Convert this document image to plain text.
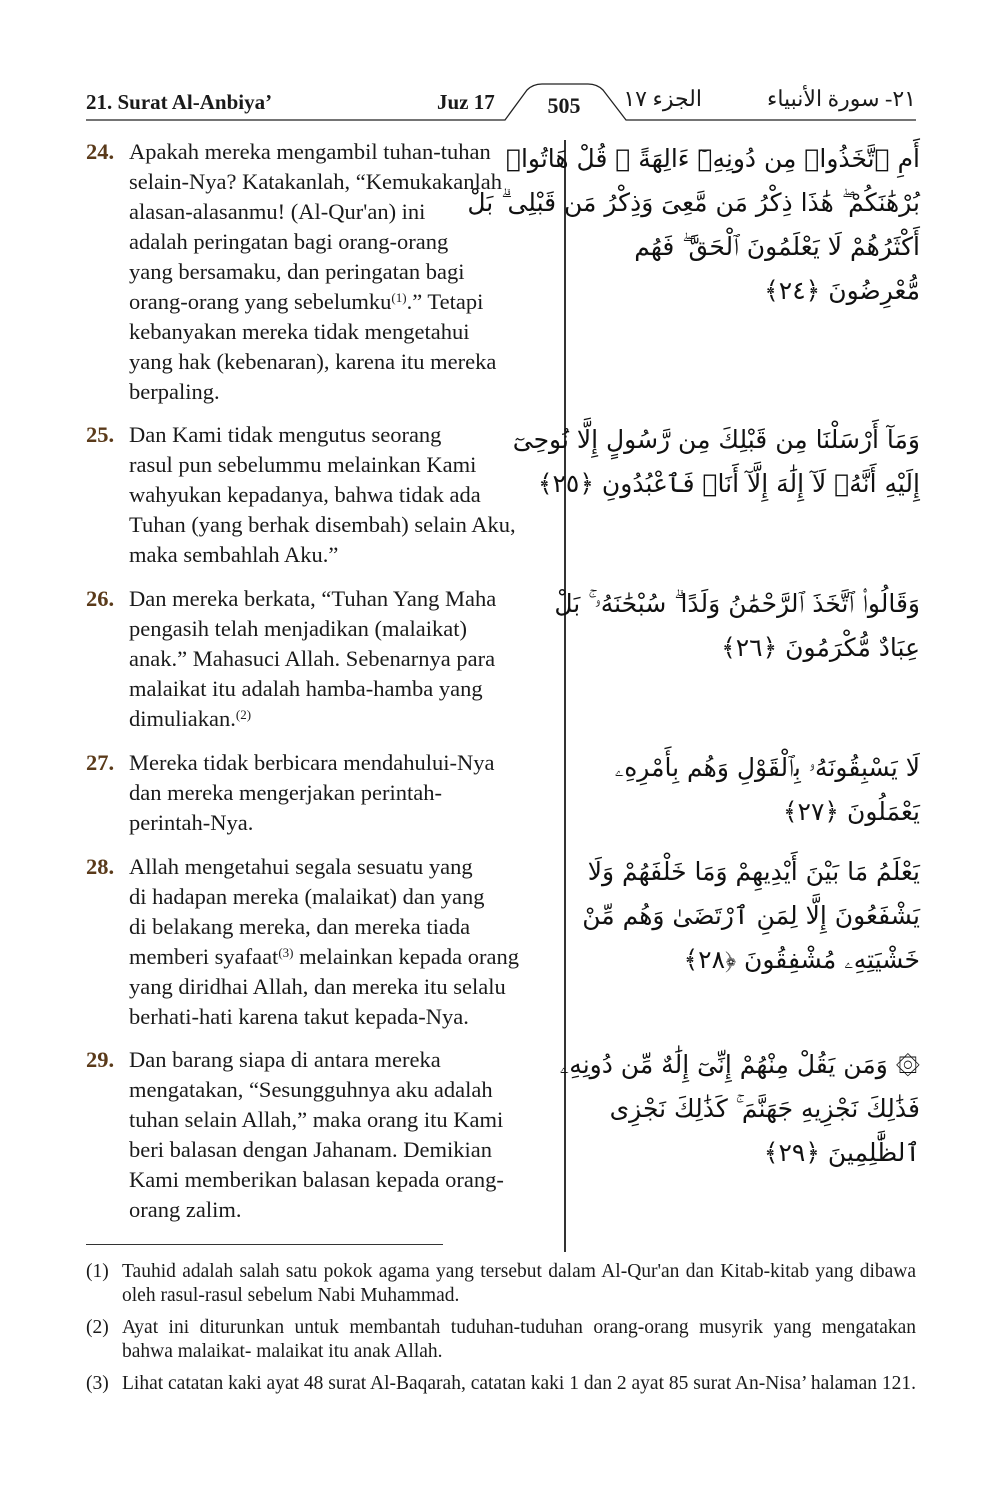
21. Surat Al-Anbiya’	Juz 17	505	الجزء ١٧	٢١- سورة الأنبياء
24. Apakah mereka mengambil tuhan-tuhan
selain-Nya? Katakanlah, “Kemukakanlah
alasan-alasanmu! (Al-Qur'an) ini
adalah peringatan bagi orang-orang
yang bersamaku, dan peringatan bagi
orang-orang yang sebelumku$^{(1)}$.” Tetapi
kebanyakan mereka tidak mengetahui
yang hak (kebenaran), karena itu mereka
berpaling.
أَمِ ٱتَّخَذُوا۟ مِن دُونِهِۦٓ ءَالِهَةً ۖ قُلْ هَاتُوا۟
بُرْهَٰنَكُمْ ۖ هَٰذَا ذِكْرُ مَن مَّعِىَ وَذِكْرُ مَن قَبْلِى ۗ بَلْ
أَكْثَرُهُمْ لَا يَعْلَمُونَ ٱلْحَقَّ ۖ فَهُم
مُّعْرِضُونَ ﴿٢٤﴾
25. Dan Kami tidak mengutus seorang
rasul pun sebelummu melainkan Kami
wahyukan kepadanya, bahwa tidak ada
Tuhan (yang berhak disembah) selain Aku,
maka sembahlah Aku.”
وَمَآ أَرْسَلْنَا مِن قَبْلِكَ مِن رَّسُولٍ إِلَّا نُوحِىٓ
إِلَيْهِ أَنَّهُۥ لَآ إِلَٰهَ إِلَّآ أَنَا۠ فَٱعْبُدُونِ ﴿٢٥﴾
26. Dan mereka berkata, “Tuhan Yang Maha
pengasih telah menjadikan (malaikat)
anak.” Mahasuci Allah. Sebenarnya para
malaikat itu adalah hamba-hamba yang
dimuliakan.$^{(2)}$
وَقَالُوا۟ ٱتَّخَذَ ٱلرَّحْمَٰنُ وَلَدًا ۗ سُبْحَٰنَهُۥ ۚ بَلْ
عِبَادٌ مُّكْرَمُونَ ﴿٢٦﴾
27. Mereka tidak berbicara mendahului-Nya
dan mereka mengerjakan perintah-
perintah-Nya.
لَا يَسْبِقُونَهُۥ بِٱلْقَوْلِ وَهُم بِأَمْرِهِۦ
يَعْمَلُونَ ﴿٢٧﴾
28. Allah mengetahui segala sesuatu yang
di hadapan mereka (malaikat) dan yang
di belakang mereka, dan mereka tiada
memberi syafaat$^{(3)}$ melainkan kepada orang
yang diridhai Allah, dan mereka itu selalu
berhati-hati karena takut kepada-Nya.
يَعْلَمُ مَا بَيْنَ أَيْدِيهِمْ وَمَا خَلْفَهُمْ وَلَا
يَشْفَعُونَ إِلَّا لِمَنِ ٱرْتَضَىٰ وَهُم مِّنْ
خَشْيَتِهِۦ مُشْفِقُونَ ﴿٢٨﴾
29. Dan barang siapa di antara mereka
mengatakan, “Sesungguhnya aku adalah
tuhan selain Allah,” maka orang itu Kami
beri balasan dengan Jahanam. Demikian
Kami memberikan balasan kepada orang-
orang zalim.
۞ وَمَن يَقُلْ مِنْهُمْ إِنِّىٓ إِلَٰهٌ مِّن دُونِهِۦ
فَذَٰلِكَ نَجْزِيهِ جَهَنَّمَ ۚ كَذَٰلِكَ نَجْزِى
ٱلظَّٰلِمِينَ ﴿٢٩﴾
(1) Tauhid adalah salah satu pokok agama yang tersebut dalam Al-Qur'an dan Kitab-kitab yang dibawa oleh rasul-rasul sebelum Nabi Muhammad.
(2) Ayat ini diturunkan untuk membantah tuduhan-tuduhan orang-orang musyrik yang mengatakan bahwa malaikat- malaikat itu anak Allah.
(3) Lihat catatan kaki ayat 48 surat Al-Baqarah, catatan kaki 1 dan 2 ayat 85 surat An-Nisa’ halaman 121.
